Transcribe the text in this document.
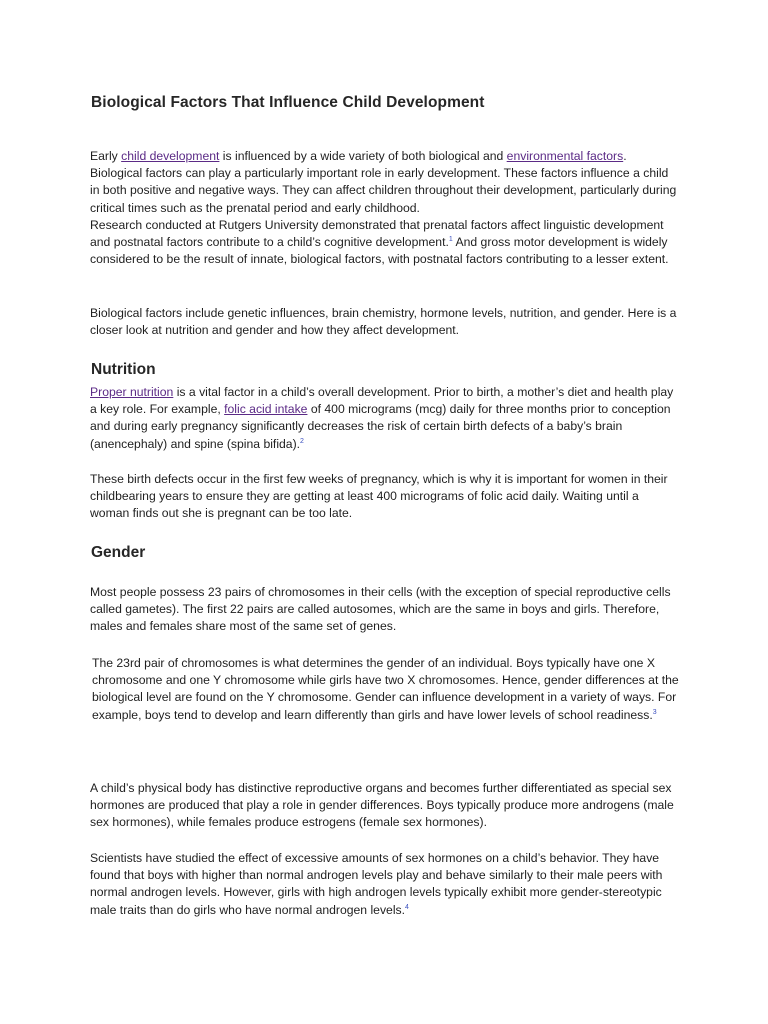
Biological Factors That Influence Child Development

Early child development is influenced by a wide variety of both biological and environmental factors. Biological factors can play a particularly important role in early development. These factors influence a child in both positive and negative ways. They can affect children throughout their development, particularly during critical times such as the prenatal period and early childhood.
Research conducted at Rutgers University demonstrated that prenatal factors affect linguistic development and postnatal factors contribute to a child’s cognitive development.$^1$ And gross motor development is widely considered to be the result of innate, biological factors, with postnatal factors contributing to a lesser extent.

Biological factors include genetic influences, brain chemistry, hormone levels, nutrition, and gender. Here is a closer look at nutrition and gender and how they affect development.

Nutrition

Proper nutrition is a vital factor in a child’s overall development. Prior to birth, a mother’s diet and health play a key role. For example, folic acid intake of 400 micrograms (mcg) daily for three months prior to conception and during early pregnancy significantly decreases the risk of certain birth defects of a baby’s brain (anencephaly) and spine (spina bifida).$^2$

These birth defects occur in the first few weeks of pregnancy, which is why it is important for women in their childbearing years to ensure they are getting at least 400 micrograms of folic acid daily. Waiting until a woman finds out she is pregnant can be too late.

Gender

Most people possess 23 pairs of chromosomes in their cells (with the exception of special reproductive cells called gametes). The first 22 pairs are called autosomes, which are the same in boys and girls. Therefore, males and females share most of the same set of genes.

The 23rd pair of chromosomes is what determines the gender of an individual. Boys typically have one X chromosome and one Y chromosome while girls have two X chromosomes. Hence, gender differences at the biological level are found on the Y chromosome. Gender can influence development in a variety of ways. For example, boys tend to develop and learn differently than girls and have lower levels of school readiness.$^3$

A child’s physical body has distinctive reproductive organs and becomes further differentiated as special sex hormones are produced that play a role in gender differences. Boys typically produce more androgens (male sex hormones), while females produce estrogens (female sex hormones).

Scientists have studied the effect of excessive amounts of sex hormones on a child’s behavior. They have found that boys with higher than normal androgen levels play and behave similarly to their male peers with normal androgen levels. However, girls with high androgen levels typically exhibit more gender-stereotypic male traits than do girls who have normal androgen levels.$^4$
